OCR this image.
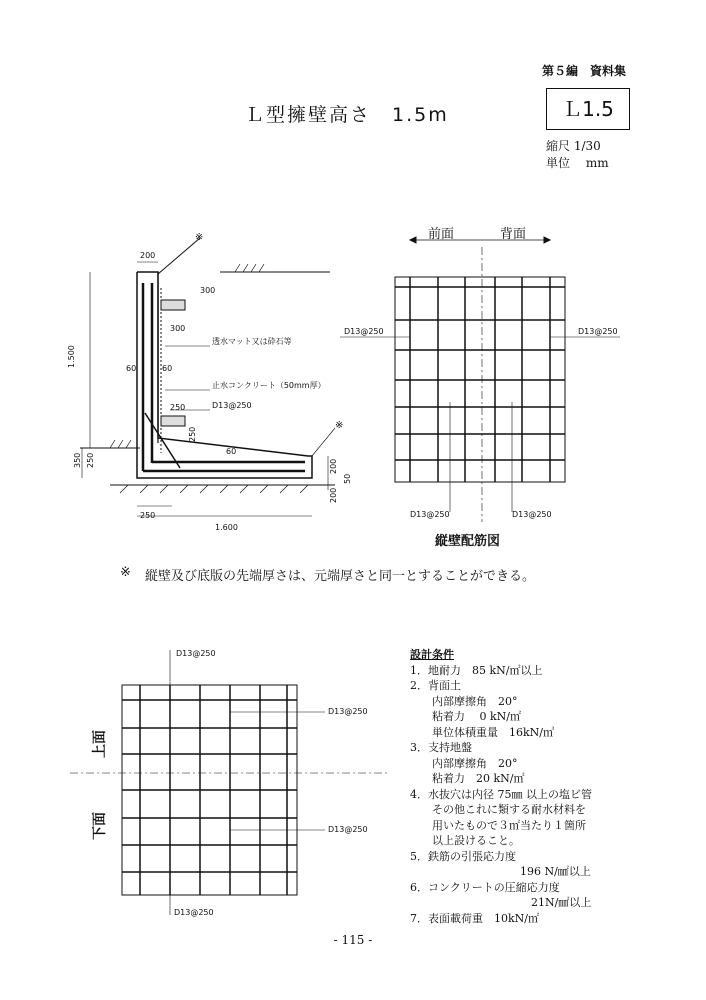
第５編　資料集
Ｌ型擁壁高さ　1.5m	Ｌ1.5
縮尺 1/30
単位　 mm
200
300
300
1.500
60	60
250
250
60
350 250	200
50
200
250
1.600
透水マット又は砕石等
止水コンクリート（50mm厚）
D13@250
※
※
前面	背面
D13@250	D13@250
D13@250	D13@250
縦壁配筋図
※ 縦壁及び底版の先端厚さは、元端厚さと同一とすることができる。
D13@250
D13@250
D13@250
D13@250
上面
下面
設計条件
1．地耐力　85 kN/㎡以上
2．背面土
　　内部摩擦角　20°
　　粘着力　 0 kN/㎡
　　単位体積重量　16kN/㎥
3．支持地盤
　　内部摩擦角　20°
　　粘着力　20 kN/㎡
4．水抜穴は内径 75㎜ 以上の塩ビ管
　　その他これに類する耐水材料を
　　用いたもので３㎡当たり１箇所
　　以上設けること。
5．鉄筋の引張応力度
　　　　　　　　　　196 N/㎟以上
6．コンクリートの圧縮応力度
　　　　　　　　　　　21N/㎟以上
7．表面載荷重　10kN/㎡
- 115 -
